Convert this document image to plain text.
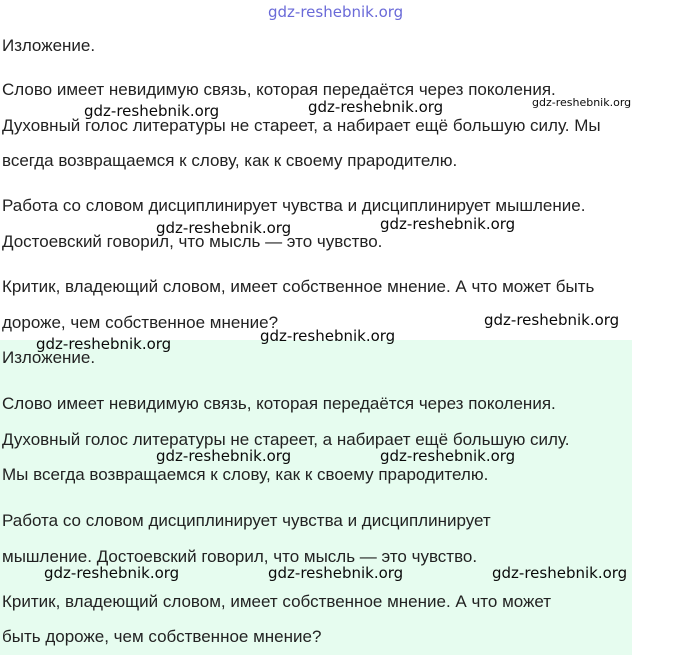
gdz-reshebnik.org

Изложение.

Слово имеет невидимую связь, которая передаётся через поколения.

Духовный голос литературы не стареет, а набирает ещё большую силу. Мы

всегда возвращаемся к слову, как к своему прародителю.

Работа со словом дисциплинирует чувства и дисциплинирует мышление.

Достоевский говорил, что мысль — это чувство.

Критик, владеющий словом, имеет собственное мнение. А что может быть

дороже, чем собственное мнение?

Изложение.

Слово имеет невидимую связь, которая передаётся через поколения.

Духовный голос литературы не стареет, а набирает ещё большую силу.

Мы всегда возвращаемся к слову, как к своему прародителю.

Работа со словом дисциплинирует чувства и дисциплинирует

мышление. Достоевский говорил, что мысль — это чувство.

Критик, владеющий словом, имеет собственное мнение. А что может

быть дороже, чем собственное мнение?

gdz-reshebnik.org	gdz-reshebnik.org	gdz-reshebnik.org
gdz-reshebnik.org	gdz-reshebnik.org
gdz-reshebnik.org
gdz-reshebnik.org
gdz-reshebnik.org
gdz-reshebnik.org	gdz-reshebnik.org
gdz-reshebnik.org	gdz-reshebnik.org	gdz-reshebnik.org
